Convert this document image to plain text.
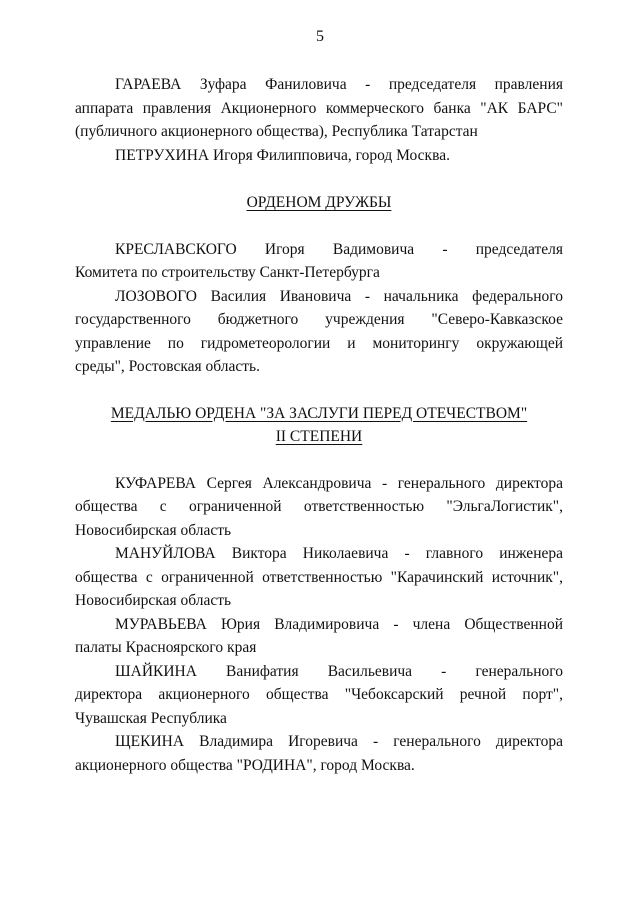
5

ГАРАЕВА Зуфара Фаниловича - председателя правления
аппарата правления Акционерного коммерческого банка "АК БАРС"
(публичного акционерного общества), Республика Татарстан

ПЕТРУХИНА Игоря Филипповича, город Москва.

ОРДЕНОМ ДРУЖБЫ

КРЕСЛАВСКОГО Игоря Вадимовича - председателя
Комитета по строительству Санкт-Петербурга

ЛОЗОВОГО Василия Ивановича - начальника федерального
государственного бюджетного учреждения "Северо-Кавказское
управление по гидрометеорологии и мониторингу окружающей
среды", Ростовская область.

МЕДАЛЬЮ ОРДЕНА "ЗА ЗАСЛУГИ ПЕРЕД ОТЕЧЕСТВОМ"
II СТЕПЕНИ

КУФАРЕВА Сергея Александровича - генерального директора
общества с ограниченной ответственностью "ЭльгаЛогистик",
Новосибирская область

МАНУЙЛОВА Виктора Николаевича - главного инженера
общества с ограниченной ответственностью "Карачинский источник",
Новосибирская область

МУРАВЬЕВА Юрия Владимировича - члена Общественной
палаты Красноярского края

ШАЙКИНА Ванифатия Васильевича - генерального
директора акционерного общества "Чебоксарский речной порт",
Чувашская Республика

ЩЕКИНА Владимира Игоревича - генерального директора
акционерного общества "РОДИНА", город Москва.
